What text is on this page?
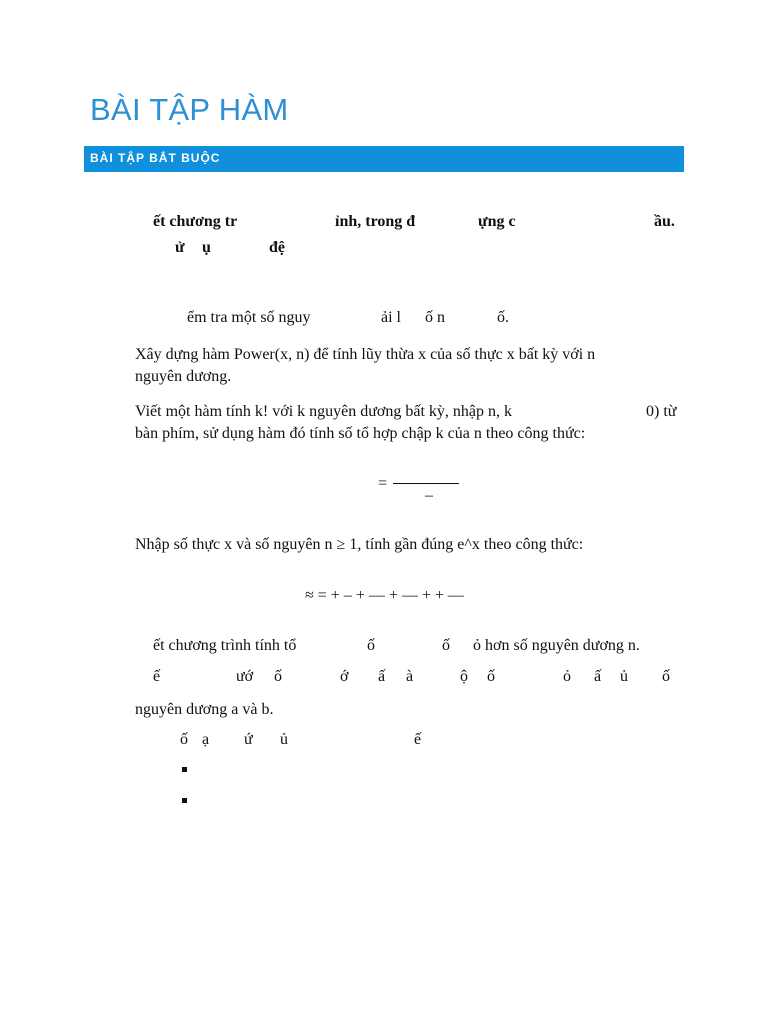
BÀI TẬP HÀM
BÀI TẬP BẮT BUỘC
ết chương tr	ỉnh, trong đ	ựng c	ầu.
ử ụ	đệ
ểm tra một số nguy	ải l ố n	ố.
Xây dựng hàm Power(x, n) để tính lũy thừa x của số thực x bất kỳ với n
nguyên dương.
Viết một hàm tính k! với k nguyên dương bất kỳ, nhập n, k	0) từ
bàn phím, sử dụng hàm đó tính số tổ hợp chập k của n theo công thức:
=
–
Nhập số thực x và số nguyên n ≥ 1, tính gần đúng e^x theo công thức:
≈ = + – + — + — + + —
ết chương trình tính tổ	ố	ố ỏ hơn số nguyên dương n.
ế	ướ ố	ớ ấ à	ộ ố	ỏ ấ ủ ố
nguyên dương a và b.
ố ạ ứ ủ	ế
